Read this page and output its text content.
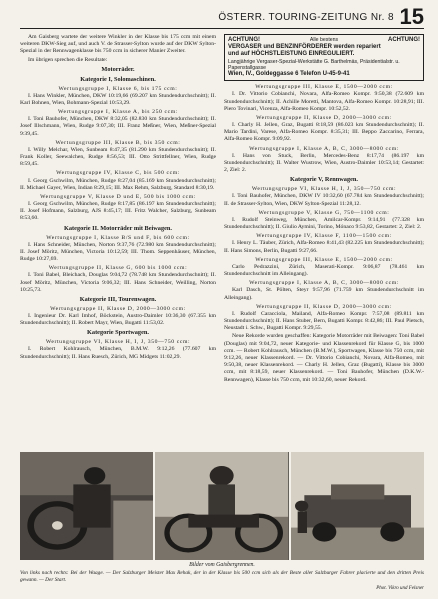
ÖSTERR. TOURING-ZEITUNG Nr. 8 15

Am Gaisberg wartete der weitere Winkler in der Klasse bis 175 ccm mit einem weiteren DKW-Sieg auf, und auch V. de Strasser-Sylton wurde auf der DKW Sylton-Spezial in der Rennwagenklasse bis 750 ccm in sicherer Manier Zweiter.

Im übrigen sprechen die Resultate:

Motorräder.
Kategorie I, Solomaschinen.

Wertungsgruppe I, Klasse 6, bis 175 ccm:

I. Hans Winkler, München, DKW 10:19,66 (69.207 km Stundendurchschnitt); II. Karl Bohnen, Wien, Bohmann-Spezial 10:53,29.

Wertungsgruppe I, Klasse A, bis 250 ccm:

I. Toni Bauhofer, München, DKW 8:32,05 (82.830 km Stundendurchschnitt); II. Josef Illschmann, Wien, Rudge 9:07,30; III. Franz Meßner, Wien, Meßner-Spezial 9:39,45.

Wertungsgruppe III, Klasse B, bis 350 ccm:

I. Willy Melchar, Wien, Sunbeam 8:47,35 (81.290 km Stundendurchschnitt); II. Frank Koller, Seewalchen, Rudge 8:56,53; III. Otto Strittfellner, Wien, Rudge 8:59,45.

Wertungsgruppe IV, Klasse C, bis 500 ccm:

I. Georg Gschwilm, München, Rudge 8:27,04 (85.169 km Stundendurchschnitt); II. Michael Gayer, Wien, Indian 8:29,15; III. Max Rehm, Salzburg, Standard 8:30,19.

Wertungsgruppe V, Klasse D und E, 500 bis 1000 ccm:

I. Georg Gschwilm, München, Rudge 8:17,85 (86.197 km Stundendurchschnitt); II. Josef Hofmann, Salzburg, AJS 8:45,17; III. Fritz Walcher, Salzburg, Sunbeam 8:53,60.

Kategorie II. Motorräder mit Beiwagen.

Wertungsgruppe I, Klasse B/S und F, bis 600 ccm:

I. Hans Schneider, München, Norton 9:37,76 (72.980 km Stundendurchschnitt); II. Josef Möritz, München, Victoria 10:12,59; III. Thom. Seppenhäuser, München, Rudge 10:27,69.

Wertungsgruppe II, Klasse G, 600 bis 1000 ccm:

I. Toni Babel, Bleichach, Douglas 9:04,72 (78.748 km Stundendurchschnitt); II. Josef Möritz, München, Victoria 9:06,32; III. Hans Schneider, Weilling, Norton 10:25,73.

Kategorie III, Tourenwagen.

Wertungsgruppe II, Klasse D, 2000—3000 ccm:

I. Ingenieur Dr. Karl Imhof, Böckstein, Austro-Daimler 10:36,30 (67.355 km Stundendurchschnitt); II. Robert Mayr, Wien, Bugatti 11:53,02.

Kategorie Sportwagen.

Wertungsgruppe VI, Klasse H, I, J, 350—750 ccm:

I. Robert Kohlrausch, München, B.M.W. 9:12,26 (77.607 km Stundendurchschnitt); II. Hans Ruesch, Zürich, MG Midgets 11:02,29.

ACHTUNG!	Alle bestens	ACHTUNG!
VERGASER und BENZINFÖRDERER werden repariert
und auf HÖCHSTLEISTUNG EINREGULIERT.
Langjährige Vergaser-Spezial-Werkstätte G. Barthelmäs, Präsidentialstr. u. Papenstallgasse
Wien, IV., Goldeggasse 6 Telefon U-45-9-41

Wertungsgruppe III, Klasse E, 1500—2000 ccm:

I. Dr. Vittorio Cobianchi, Novara, Alfa-Romeo Kompr. 9:50,38 (72.609 km Stundendurchschnitt); II. Achille Moretti, Mantova, Alfa-Romeo Kompr. 10:28,91; III. Piero Tovinari, Vicenza, Alfa-Romeo Kompr. 10:52,52.

Wertungsgruppe II, Klasse D, 2000—3000 ccm:

I. Charly H. Jellen, Graz, Bugatti 8:18,59 (86.023 km Stundendurchschnitt); II. Mario Tardini, Varese, Alfa-Romeo Kompr. 8:35,31; III. Beppo Zaccarino, Ferrara, Alfa-Romeo Kompr. 9:09,92.

Wertungsgruppe I, Klasse A, B, C, 3000—8000 ccm:

I. Hans von Stuck, Berlin, Mercedes-Benz 8:17,74 (86.197 km Stundendurchschnitt); II. Walter Wustrow, Wien, Austro-Daimler 10:53,14; Gestartet: 2, Ziel: 2.

Kategorie V, Rennwagen.

Wertungsgruppe VI, Klasse H, I, J, 350—750 ccm:

I. Toni Bauhofer, München, DKW IV 10:32,60 (67.784 km Stundendurchschnitt); II. de Strasser-Sylton, Wien, DKW Sylton-Spezial 11:28,12.

Wertungsgruppe V, Klasse G, 750—1100 ccm:

I. Rudolf Steinweg, München, Amilcar-Kompr. 9:14,91 (77.328 km Stundendurchschnitt); II. Giulio Aymini, Torino, Mónaco 9:53,82, Gestartet: 2, Ziel: 2.

Wertungsgruppe IV, Klasse F, 1100—1500 ccm:

I. Henry L. Täuber, Zürich, Alfa-Romeo 8:41,43 (82.225 km Stundendurchschnitt); II. Hans Simons, Berlin, Bugatti 9:27,66.

Wertungsgruppe III, Klasse E, 1500—2000 ccm:

Carlo Pedrazzini, Zürich, Maserati-Kompr. 9:06,87 (78.461 km Stundendurchschnitt im Alleingang).

Wertungsgruppe I, Klasse A, B, C, 3000—8000 ccm:

Karl Dasch, St. Pölten, Steyr 9:57,96 (71.759 km Stundendurchschnitt im Alleingang).

Wertungsgruppe II, Klasse D, 2000—3000 ccm:

I. Rudolf Caracciola, Mailand, Alfa-Romeo Kompr. 7:57,08 (89.811 km Stundendurchschnitt); II. Hans Stuber, Bern, Bugatti Kompr. 8:42,86; III. Paul Pietsch, Neustadt i. Schw., Bugatti Kompr. 9:29,55.

Neue Rekorde wurden geschaffen: Kategorie Motorräder mit Beiwagen: Toni Babel (Douglas) mit 9:04,72, neuer Kategorie- und Klassenrekord für Klasse G, bis 1000 ccm. — Robert Kohlrausch, München (B.M.W.), Sportwagen, Klasse bis 750 ccm, mit 9:12,26, neuer Klassenrekord. — Dr. Vittorio Cobianchi, Novara, Alfa-Romeo, mit 9:50,38, neuer Klassenrekord. — Charly H. Jellen, Graz (Bugatti), Klasse bis 3000 ccm, mit 8:18,59, neuer Klassenrekord. — Toni Bauhofer, München (D.K.W.-Rennwagen), Klasse bis 750 ccm, mit 10:32,60, neuer Rekord.

Bilder vom Gaisbergrennen.
Von links nach rechts: Bei der Waage. — Der Salzburger Meister Max Rehak, der in der Klasse bis 500 ccm sich als der Beste aller Salzburger Fahrer placierte und den dritten Preis gewann. — Der Start.
Phot. Vikro und Felsner
